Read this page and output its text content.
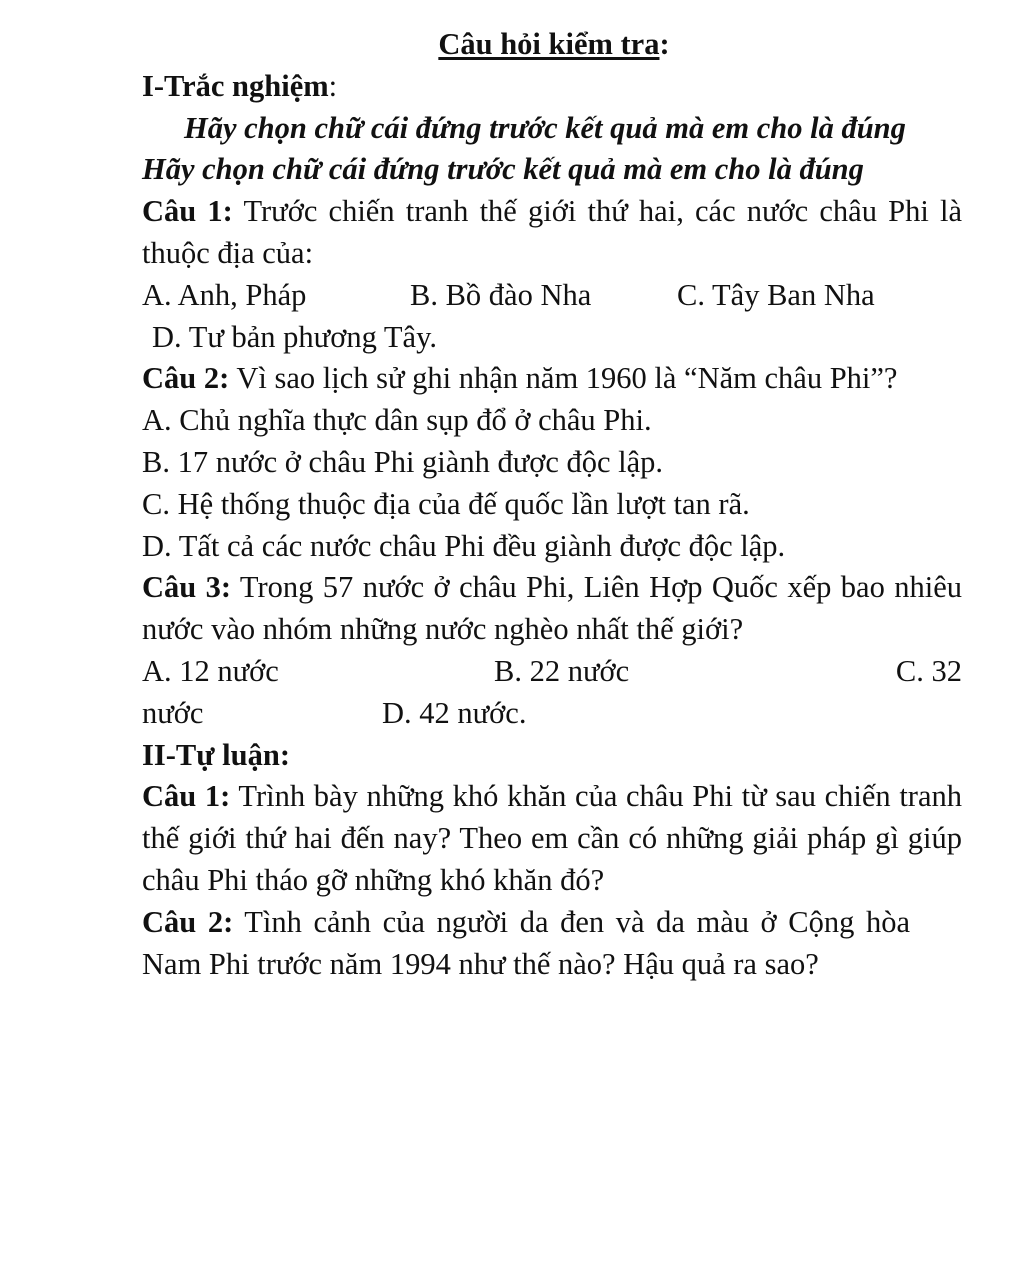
Câu hỏi kiểm tra:

I-Trắc nghiệm:

Hãy chọn chữ cái đứng trước kết quả mà em cho là đúng

Hãy chọn chữ cái đứng trước kết quả mà em cho là đúng

Câu 1: Trước chiến tranh thế giới thứ hai, các nước châu Phi là thuộc địa của:

A. Anh, Pháp	B. Bồ đào Nha	C. Tây Ban Nha

D. Tư bản phương Tây.

Câu 2: Vì sao lịch sử ghi nhận năm 1960 là “Năm châu Phi”?

A. Chủ nghĩa thực dân sụp đổ ở châu Phi.

B. 17 nước ở châu Phi giành được độc lập.

C. Hệ thống thuộc địa của đế quốc lần lượt tan rã.

D. Tất cả các nước châu Phi đều giành được độc lập.

Câu 3: Trong 57 nước ở châu Phi, Liên Hợp Quốc xếp bao nhiêu nước vào nhóm những nước nghèo nhất thế giới?

A. 12 nước	B. 22 nước	C. 32
nước	D. 42 nước.

II-Tự luận:

Câu 1: Trình bày những khó khăn của châu Phi từ sau chiến tranh thế giới thứ hai đến nay? Theo em cần có những giải pháp gì giúp châu Phi tháo gỡ những khó khăn đó?

Câu 2: Tình cảnh của người da đen và da màu ở Cộng hòa Nam Phi trước năm 1994 như thế nào? Hậu quả ra sao?
